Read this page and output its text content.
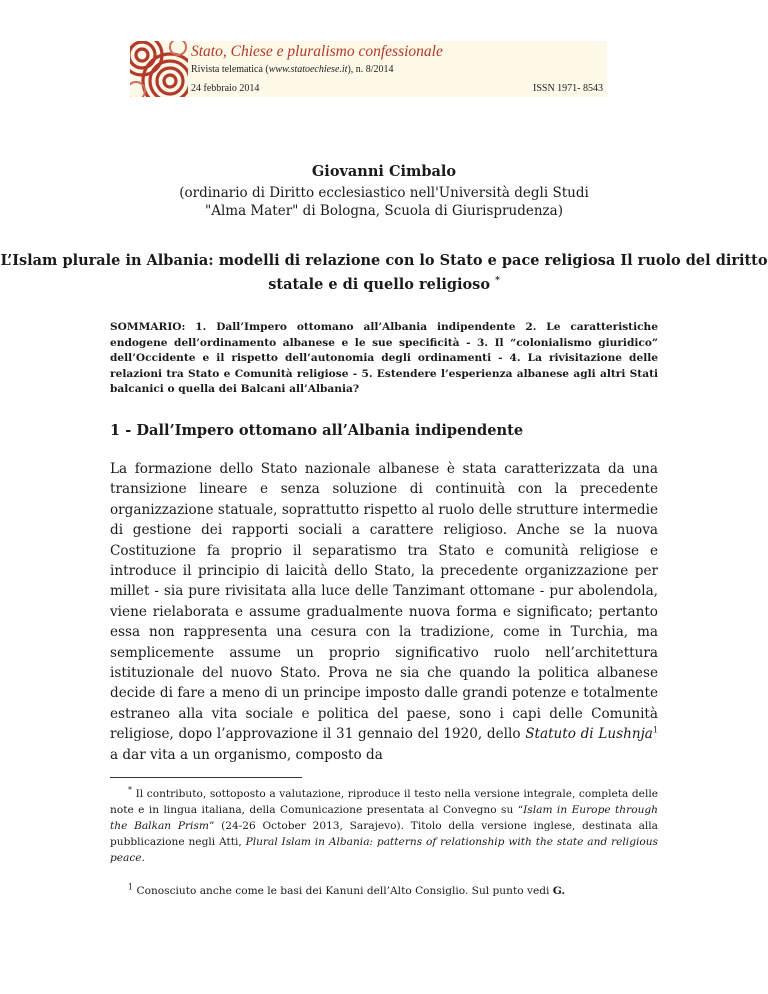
Stato, Chiese e pluralismo confessionale
Rivista telematica (www.statoechiese.it), n. 8/2014
24 febbraio 2014	ISSN 1971- 8543
Giovanni Cimbalo
(ordinario di Diritto ecclesiastico nell'Università degli Studi
"Alma Mater" di Bologna, Scuola di Giurisprudenza)
L’Islam plurale in Albania: modelli di relazione con lo Stato e pace religiosa Il ruolo del diritto statale e di quello religioso *
SOMMARIO: 1. Dall’Impero ottomano all’Albania indipendente 2. Le caratteristiche endogene dell’ordinamento albanese e le sue specificità - 3. Il “colonialismo giuridico” dell’Occidente e il rispetto dell’autonomia degli ordinamenti - 4. La rivisitazione delle relazioni tra Stato e Comunità religiose - 5. Estendere l’esperienza albanese agli altri Stati balcanici o quella dei Balcani all’Albania?
1 - Dall’Impero ottomano all’Albania indipendente
La formazione dello Stato nazionale albanese è stata caratterizzata da una transizione lineare e senza soluzione di continuità con la precedente organizzazione statuale, soprattutto rispetto al ruolo delle strutture intermedie di gestione dei rapporti sociali a carattere religioso. Anche se la nuova Costituzione fa proprio il separatismo tra Stato e comunità religiose e introduce il principio di laicità dello Stato, la precedente organizzazione per millet - sia pure rivisitata alla luce delle Tanzimant ottomane - pur abolendola, viene rielaborata e assume gradualmente nuova forma e significato; pertanto essa non rappresenta una cesura con la tradizione, come in Turchia, ma semplicemente assume un proprio significativo ruolo nell’architettura istituzionale del nuovo Stato. Prova ne sia che quando la politica albanese decide di fare a meno di un principe imposto dalle grandi potenze e totalmente estraneo alla vita sociale e politica del paese, sono i capi delle Comunità religiose, dopo l’approvazione il 31 gennaio del 1920, dello Statuto di Lushnja$^1$ a dar vita a un organismo, composto da
* Il contributo, sottoposto a valutazione, riproduce il testo nella versione integrale, completa delle note e in lingua italiana, della Comunicazione presentata al Convegno su “Islam in Europe through the Balkan Prism” (24-26 October 2013, Sarajevo). Titolo della versione inglese, destinata alla pubblicazione negli Atti, Plural Islam in Albania: patterns of relationship with the state and religious peace.
$^1$ Conosciuto anche come le basi dei Kanuni dell’Alto Consiglio. Sul punto vedi G.
